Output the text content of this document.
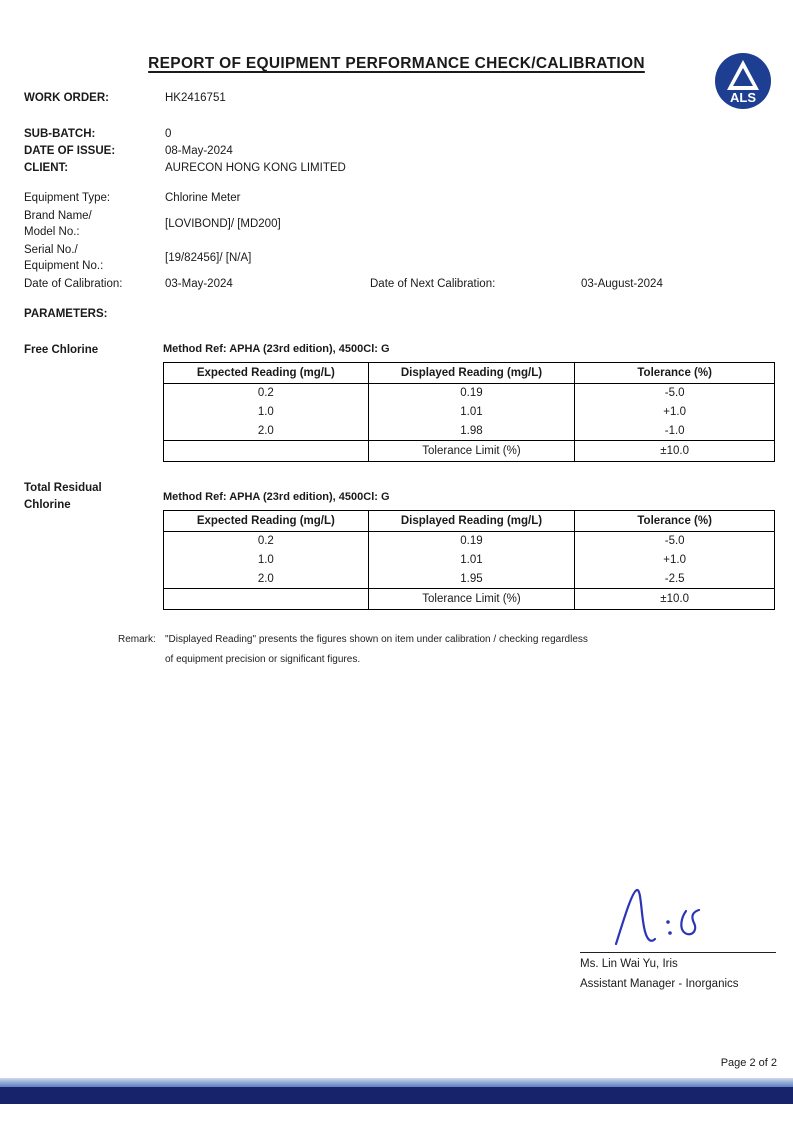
REPORT OF EQUIPMENT PERFORMANCE CHECK/CALIBRATION
ALS
WORK ORDER:	HK2416751
SUB-BATCH:	0
DATE OF ISSUE:	08-May-2024
CLIENT:	AURECON HONG KONG LIMITED
Equipment Type:	Chlorine Meter
Brand Name/
Model No.:
[LOVIBOND]/ [MD200]
Serial No./
Equipment No.:
[19/82456]/ [N/A]
Date of Calibration:	03-May-2024	Date of Next Calibration:	03-August-2024
PARAMETERS:
Free Chlorine	Method Ref: APHA (23rd edition), 4500Cl: G
Expected Reading (mg/L)	Displayed Reading (mg/L)	Tolerance (%)
0.2	0.19	-5.0
1.0	1.01	+1.0
2.0	1.98	-1.0
	Tolerance Limit (%)	±10.0
Total Residual
Chlorine
Method Ref: APHA (23rd edition), 4500Cl: G
Expected Reading (mg/L)	Displayed Reading (mg/L)	Tolerance (%)
0.2	0.19	-5.0
1.0	1.01	+1.0
2.0	1.95	-2.5
	Tolerance Limit (%)	±10.0
Remark: "Displayed Reading" presents the figures shown on item under calibration / checking regardless
of equipment precision or significant figures.
Ms. Lin Wai Yu, Iris
Assistant Manager - Inorganics
Page 2 of 2
